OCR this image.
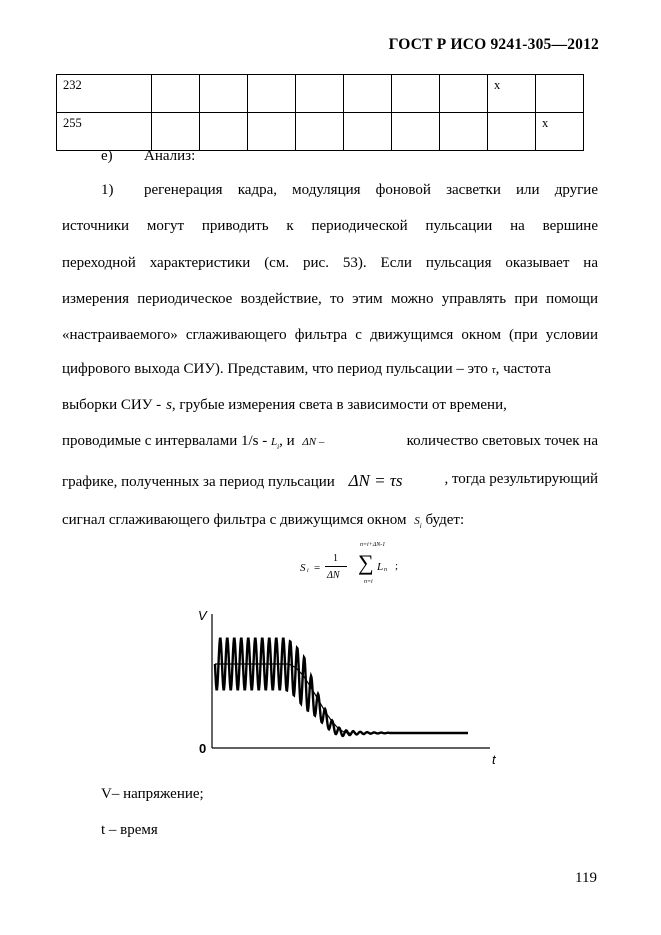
ГОСТ Р ИСО 9241-305—2012
232								x	

255									x
e) Анализ:
1) регенерация кадра, модуляция фоновой засветки или другие
источники могут приводить к периодической пульсации на вершине
переходной характеристики (см. рис. 53). Если пульсация оказывает на
измерения периодическое воздействие, то этим можно управлять при помощи
«настраиваемого» сглаживающего фильтра с движущимся окном (при условии
цифрового выхода СИУ). Представим, что период пульсации – это τ, частота
выборки СИУ - s, грубые измерения света в зависимости от времени,
проводимые с интервалами $1/s - L_i$, и ΔN –	количество световых точек на
графике, полученных за период пульсации ΔN = τs	, тогда результирующий
сигнал сглаживающего фильтра с движущимся окном $S_i$ будет:
S i =
1
ΔN
n=i+ΔN-1
∑
n=i
L n ;
V
t
0
V– напряжение;
t – время
119
